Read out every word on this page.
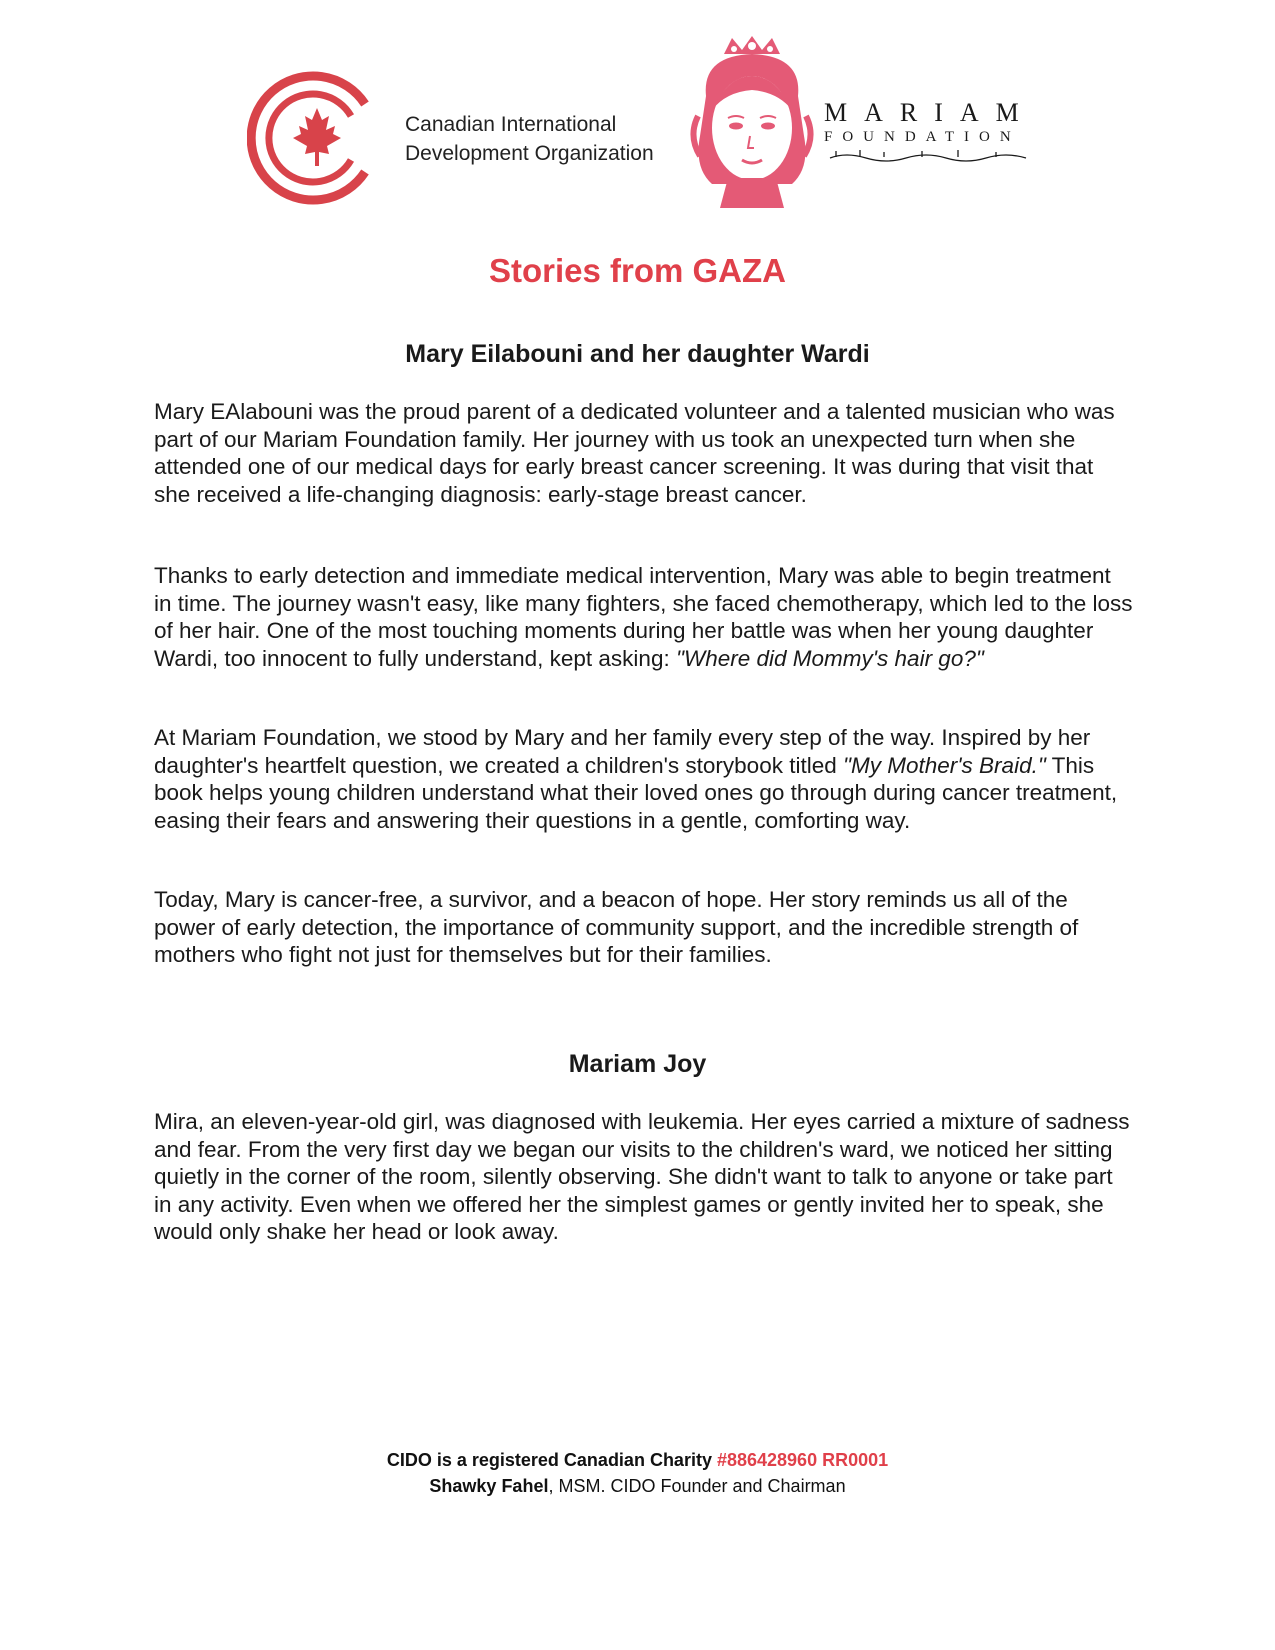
Canadian International
Development Organization
MARIAM
FOUNDATION
Stories from GAZA
Mary Eilabouni and her daughter Wardi

Mary EAlabouni was the proud parent of a dedicated volunteer and a talented musician who was part of our Mariam Foundation family. Her journey with us took an unexpected turn when she attended one of our medical days for early breast cancer screening. It was during that visit that she received a life-changing diagnosis: early-stage breast cancer.

Thanks to early detection and immediate medical intervention, Mary was able to begin treatment in time. The journey wasn't easy, like many fighters, she faced chemotherapy, which led to the loss of her hair. One of the most touching moments during her battle was when her young daughter Wardi, too innocent to fully understand, kept asking: "Where did Mommy's hair go?"

At Mariam Foundation, we stood by Mary and her family every step of the way. Inspired by her daughter's heartfelt question, we created a children's storybook titled "My Mother's Braid." This book helps young children understand what their loved ones go through during cancer treatment, easing their fears and answering their questions in a gentle, comforting way.

Today, Mary is cancer-free, a survivor, and a beacon of hope. Her story reminds us all of the power of early detection, the importance of community support, and the incredible strength of mothers who fight not just for themselves but for their families.

Mariam Joy

Mira, an eleven-year-old girl, was diagnosed with leukemia. Her eyes carried a mixture of sadness and fear. From the very first day we began our visits to the children's ward, we noticed her sitting quietly in the corner of the room, silently observing. She didn't want to talk to anyone or take part in any activity. Even when we offered her the simplest games or gently invited her to speak, she would only shake her head or look away.

CIDO is a registered Canadian Charity #886428960 RR0001
Shawky Fahel, MSM. CIDO Founder and Chairman
